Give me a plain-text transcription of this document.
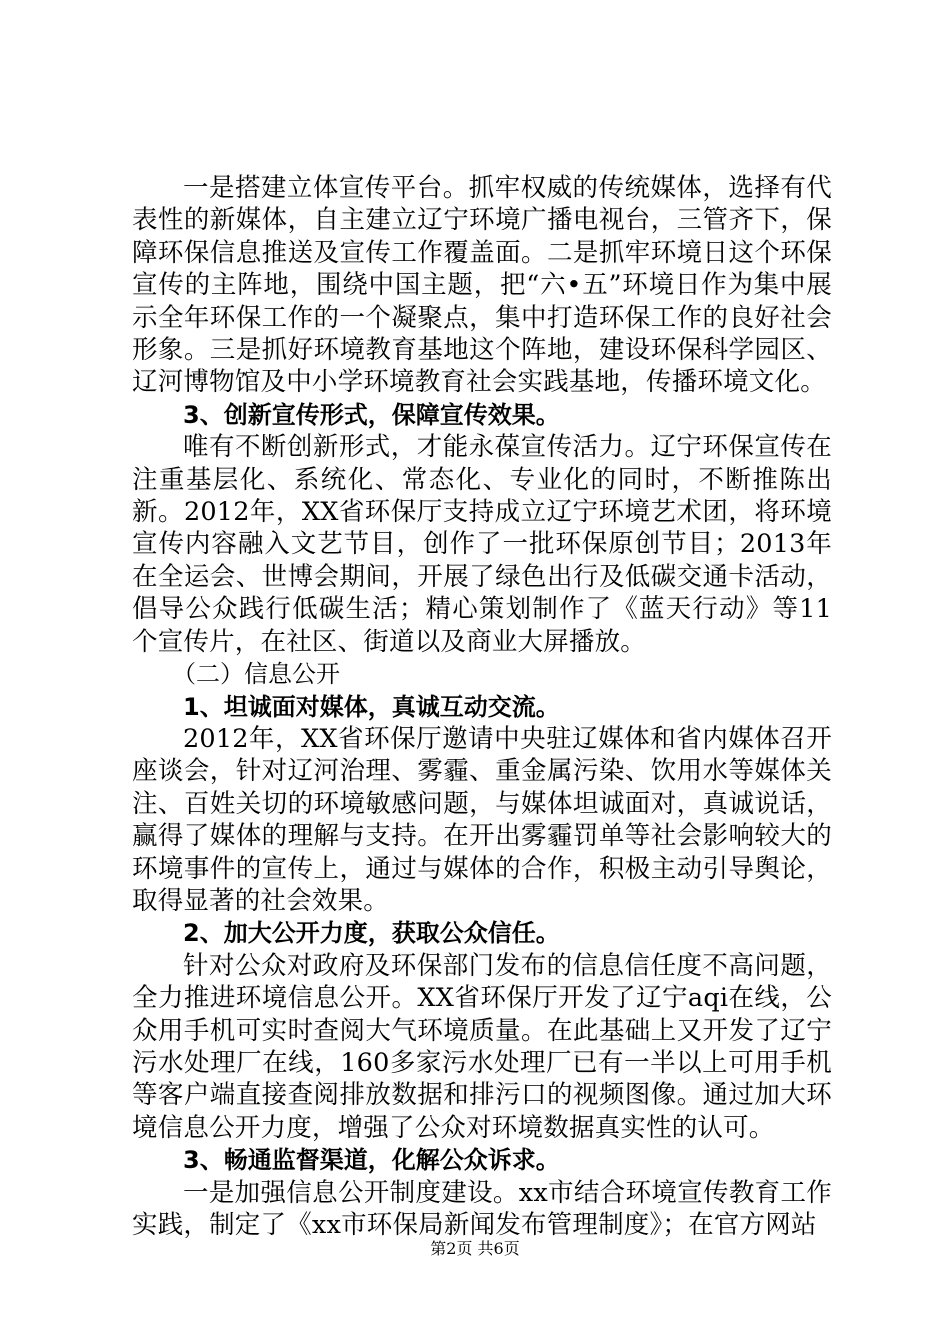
一是搭建立体宣传平台。抓牢权威的传统媒体，选择有代表性的新媒体，自主建立辽宁环境广播电视台，三管齐下，保障环保信息推送及宣传工作覆盖面。二是抓牢环境日这个环保宣传的主阵地，围绕中国主题，把“六•五”环境日作为集中展示全年环保工作的一个凝聚点，集中打造环保工作的良好社会形象。三是抓好环境教育基地这个阵地，建设环保科学园区、辽河博物馆及中小学环境教育社会实践基地，传播环境文化。

3、创新宣传形式，保障宣传效果。

唯有不断创新形式，才能永葆宣传活力。辽宁环保宣传在注重基层化、系统化、常态化、专业化的同时，不断推陈出新。2012年，XX省环保厅支持成立辽宁环境艺术团，将环境宣传内容融入文艺节目，创作了一批环保原创节目；2013年在全运会、世博会期间，开展了绿色出行及低碳交通卡活动，倡导公众践行低碳生活；精心策划制作了《蓝天行动》等11个宣传片，在社区、街道以及商业大屏播放。

（二）信息公开

1、坦诚面对媒体，真诚互动交流。

2012年，XX省环保厅邀请中央驻辽媒体和省内媒体召开座谈会，针对辽河治理、雾霾、重金属污染、饮用水等媒体关注、百姓关切的环境敏感问题，与媒体坦诚面对，真诚说话，赢得了媒体的理解与支持。在开出雾霾罚单等社会影响较大的环境事件的宣传上，通过与媒体的合作，积极主动引导舆论，取得显著的社会效果。

2、加大公开力度，获取公众信任。

针对公众对政府及环保部门发布的信息信任度不高问题，全力推进环境信息公开。XX省环保厅开发了辽宁aqi在线，公众用手机可实时查阅大气环境质量。在此基础上又开发了辽宁污水处理厂在线，160多家污水处理厂已有一半以上可用手机等客户端直接查阅排放数据和排污口的视频图像。通过加大环境信息公开力度，增强了公众对环境数据真实性的认可。

3、畅通监督渠道，化解公众诉求。

一是加强信息公开制度建设。xx市结合环境宣传教育工作实践，制定了《xx市环保局新闻发布管理制度》；在官方网站

第2页 共6页
